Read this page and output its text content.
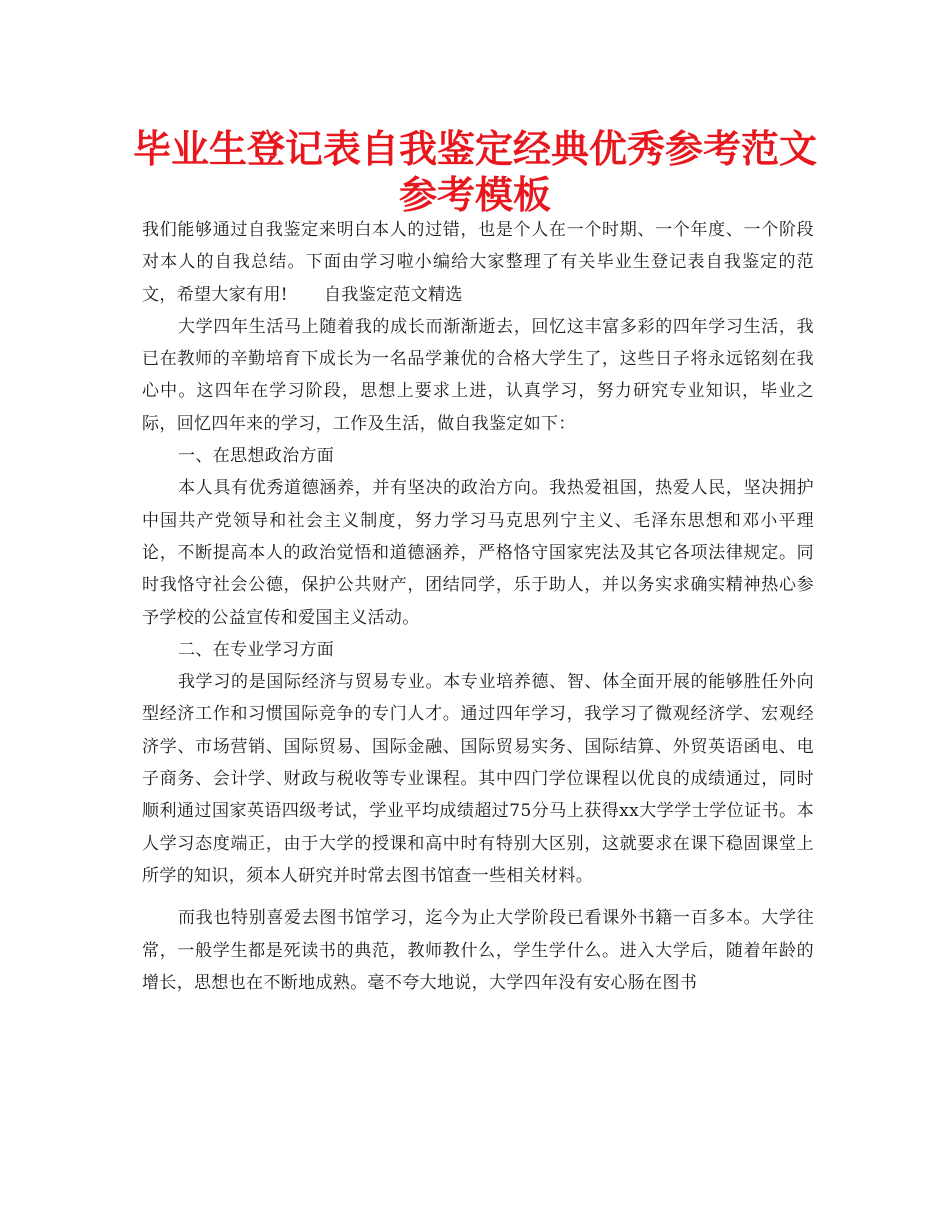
毕业生登记表自我鉴定经典优秀参考范文
参考模板

我们能够通过自我鉴定来明白本人的过错，也是个人在一个时期、一个年度、一个阶段对本人的自我总结。下面由学习啦小编给大家整理了有关毕业生登记表自我鉴定的范文，希望大家有用! 自我鉴定范文精选

大学四年生活马上随着我的成长而渐渐逝去，回忆这丰富多彩的四年学习生活，我已在教师的辛勤培育下成长为一名品学兼优的合格大学生了，这些日子将永远铭刻在我心中。这四年在学习阶段，思想上要求上进，认真学习，努力研究专业知识，毕业之际，回忆四年来的学习，工作及生活，做自我鉴定如下：

一、在思想政治方面

本人具有优秀道德涵养，并有坚决的政治方向。我热爱祖国，热爱人民，坚决拥护中国共产党领导和社会主义制度，努力学习马克思列宁主义、毛泽东思想和邓小平理论，不断提高本人的政治觉悟和道德涵养，严格恪守国家宪法及其它各项法律规定。同时我恪守社会公德，保护公共财产，团结同学，乐于助人，并以务实求确实精神热心参予学校的公益宣传和爱国主义活动。

二、在专业学习方面

我学习的是国际经济与贸易专业。本专业培养德、智、体全面开展的能够胜任外向型经济工作和习惯国际竞争的专门人才。通过四年学习，我学习了微观经济学、宏观经济学、市场营销、国际贸易、国际金融、国际贸易实务、国际结算、外贸英语函电、电子商务、会计学、财政与税收等专业课程。其中四门学位课程以优良的成绩通过，同时顺利通过国家英语四级考试，学业平均成绩超过75分马上获得xx大学学士学位证书。本人学习态度端正，由于大学的授课和高中时有特别大区别，这就要求在课下稳固课堂上所学的知识，须本人研究并时常去图书馆查一些相关材料。

而我也特别喜爱去图书馆学习，迄今为止大学阶段已看课外书籍一百多本。大学往常，一般学生都是死读书的典范，教师教什么，学生学什么。进入大学后，随着年龄的增长，思想也在不断地成熟。毫不夸大地说，大学四年没有安心肠在图书
